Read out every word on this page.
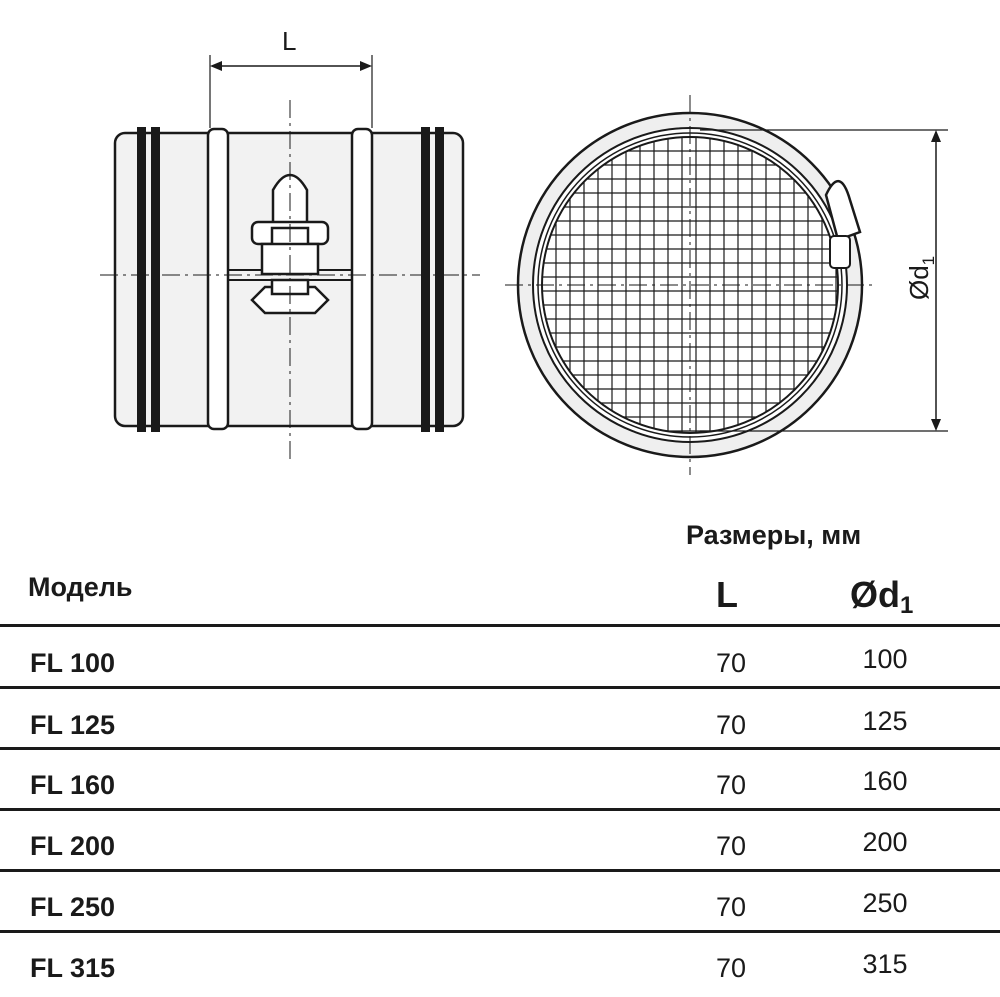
L
$Ød_1$
Размеры, мм
Модель	L	$Ød_1$
FL 100	70	100
FL 125	70	125
FL 160	70	160
FL 200	70	200
FL 250	70	250
FL 315	70	315
